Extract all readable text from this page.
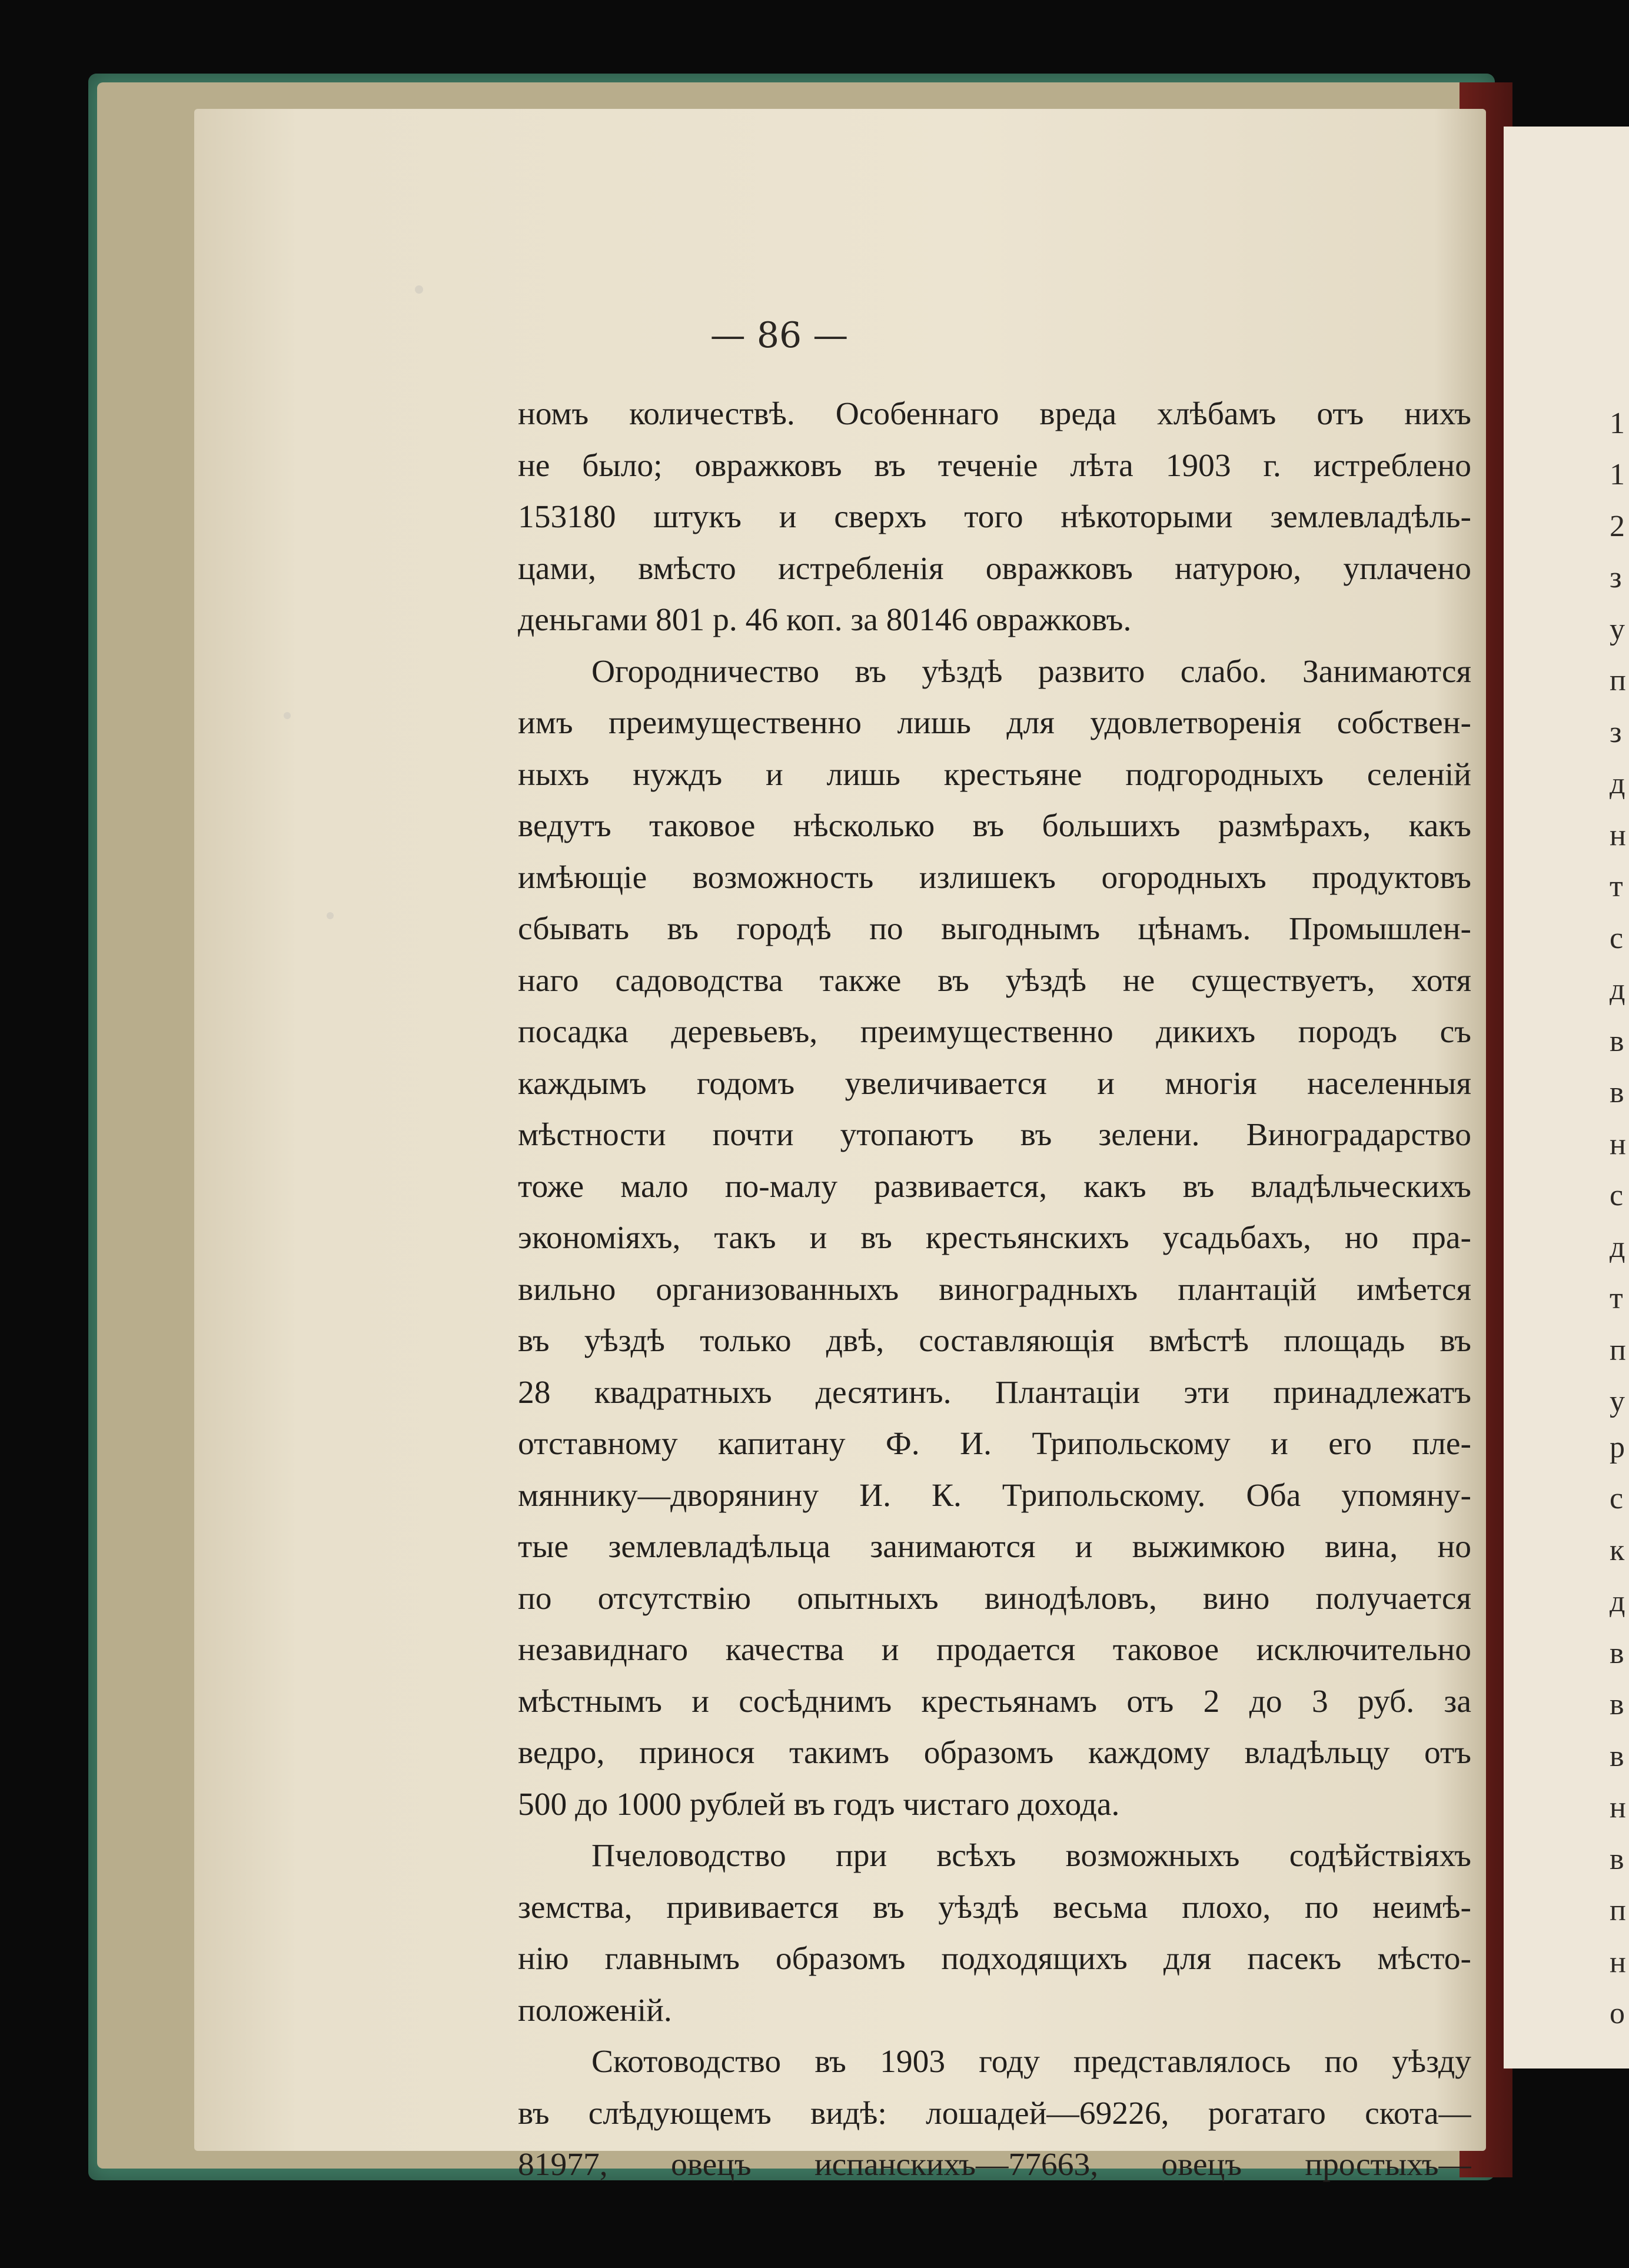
— 86 —
номъ количествѣ. Особеннаго вреда хлѣбамъ отъ нихъ
не было; овражковъ въ теченіе лѣта 1903 г. истреблено
153180 штукъ и сверхъ того нѣкоторыми землевладѣль-
цами, вмѣсто истребленія овражковъ натурою, уплачено
деньгами 801 р. 46 коп. за 80146 овражковъ.
Огородничество въ уѣздѣ развито слабо. Занимаются
имъ преимущественно лишь для удовлетворенія собствен-
ныхъ нуждъ и лишь крестьяне подгородныхъ селеній
ведутъ таковое нѣсколько въ большихъ размѣрахъ, какъ
имѣющіе возможность излишекъ огородныхъ продуктовъ
сбывать въ городѣ по выгоднымъ цѣнамъ. Промышлен-
наго садоводства также въ уѣздѣ не существуетъ, хотя
посадка деревьевъ, преимущественно дикихъ породъ съ
каждымъ годомъ увеличивается и многія населенныя
мѣстности почти утопаютъ въ зелени. Виноградарство
тоже мало по-малу развивается, какъ въ владѣльческихъ
экономіяхъ, такъ и въ крестьянскихъ усадьбахъ, но пра-
вильно организованныхъ виноградныхъ плантацій имѣется
въ уѣздѣ только двѣ, составляющія вмѣстѣ площадь въ
28 квадратныхъ десятинъ. Плантаціи эти принадлежатъ
отставному капитану Ф. И. Трипольскому и его пле-
мяннику—дворянину И. К. Трипольскому. Оба упомяну-
тые землевладѣльца занимаются и выжимкою вина, но
по отсутствію опытныхъ винодѣловъ, вино получается
незавиднаго качества и продается таковое исключительно
мѣстнымъ и сосѣднимъ крестьянамъ отъ 2 до 3 руб. за
ведро, принося такимъ образомъ каждому владѣльцу отъ
500 до 1000 рублей въ годъ чистаго дохода.
Пчеловодство при всѣхъ возможныхъ содѣйствіяхъ
земства, прививается въ уѣздѣ весьма плохо, по неимѣ-
нію главнымъ образомъ подходящихъ для пасекъ мѣсто-
положеній.
Скотоводство въ 1903 году представлялось по уѣзду
въ слѣдующемъ видѣ: лошадей—69226, рогатаго скота—
81977, овецъ испанскихъ—77663, овецъ простыхъ—
1
1
2
з
у
п
з
д
н
т
с
д
в
в
н
с
д
т
п
у
р
с
к
д
в
в
в
н
в
п
н
о
